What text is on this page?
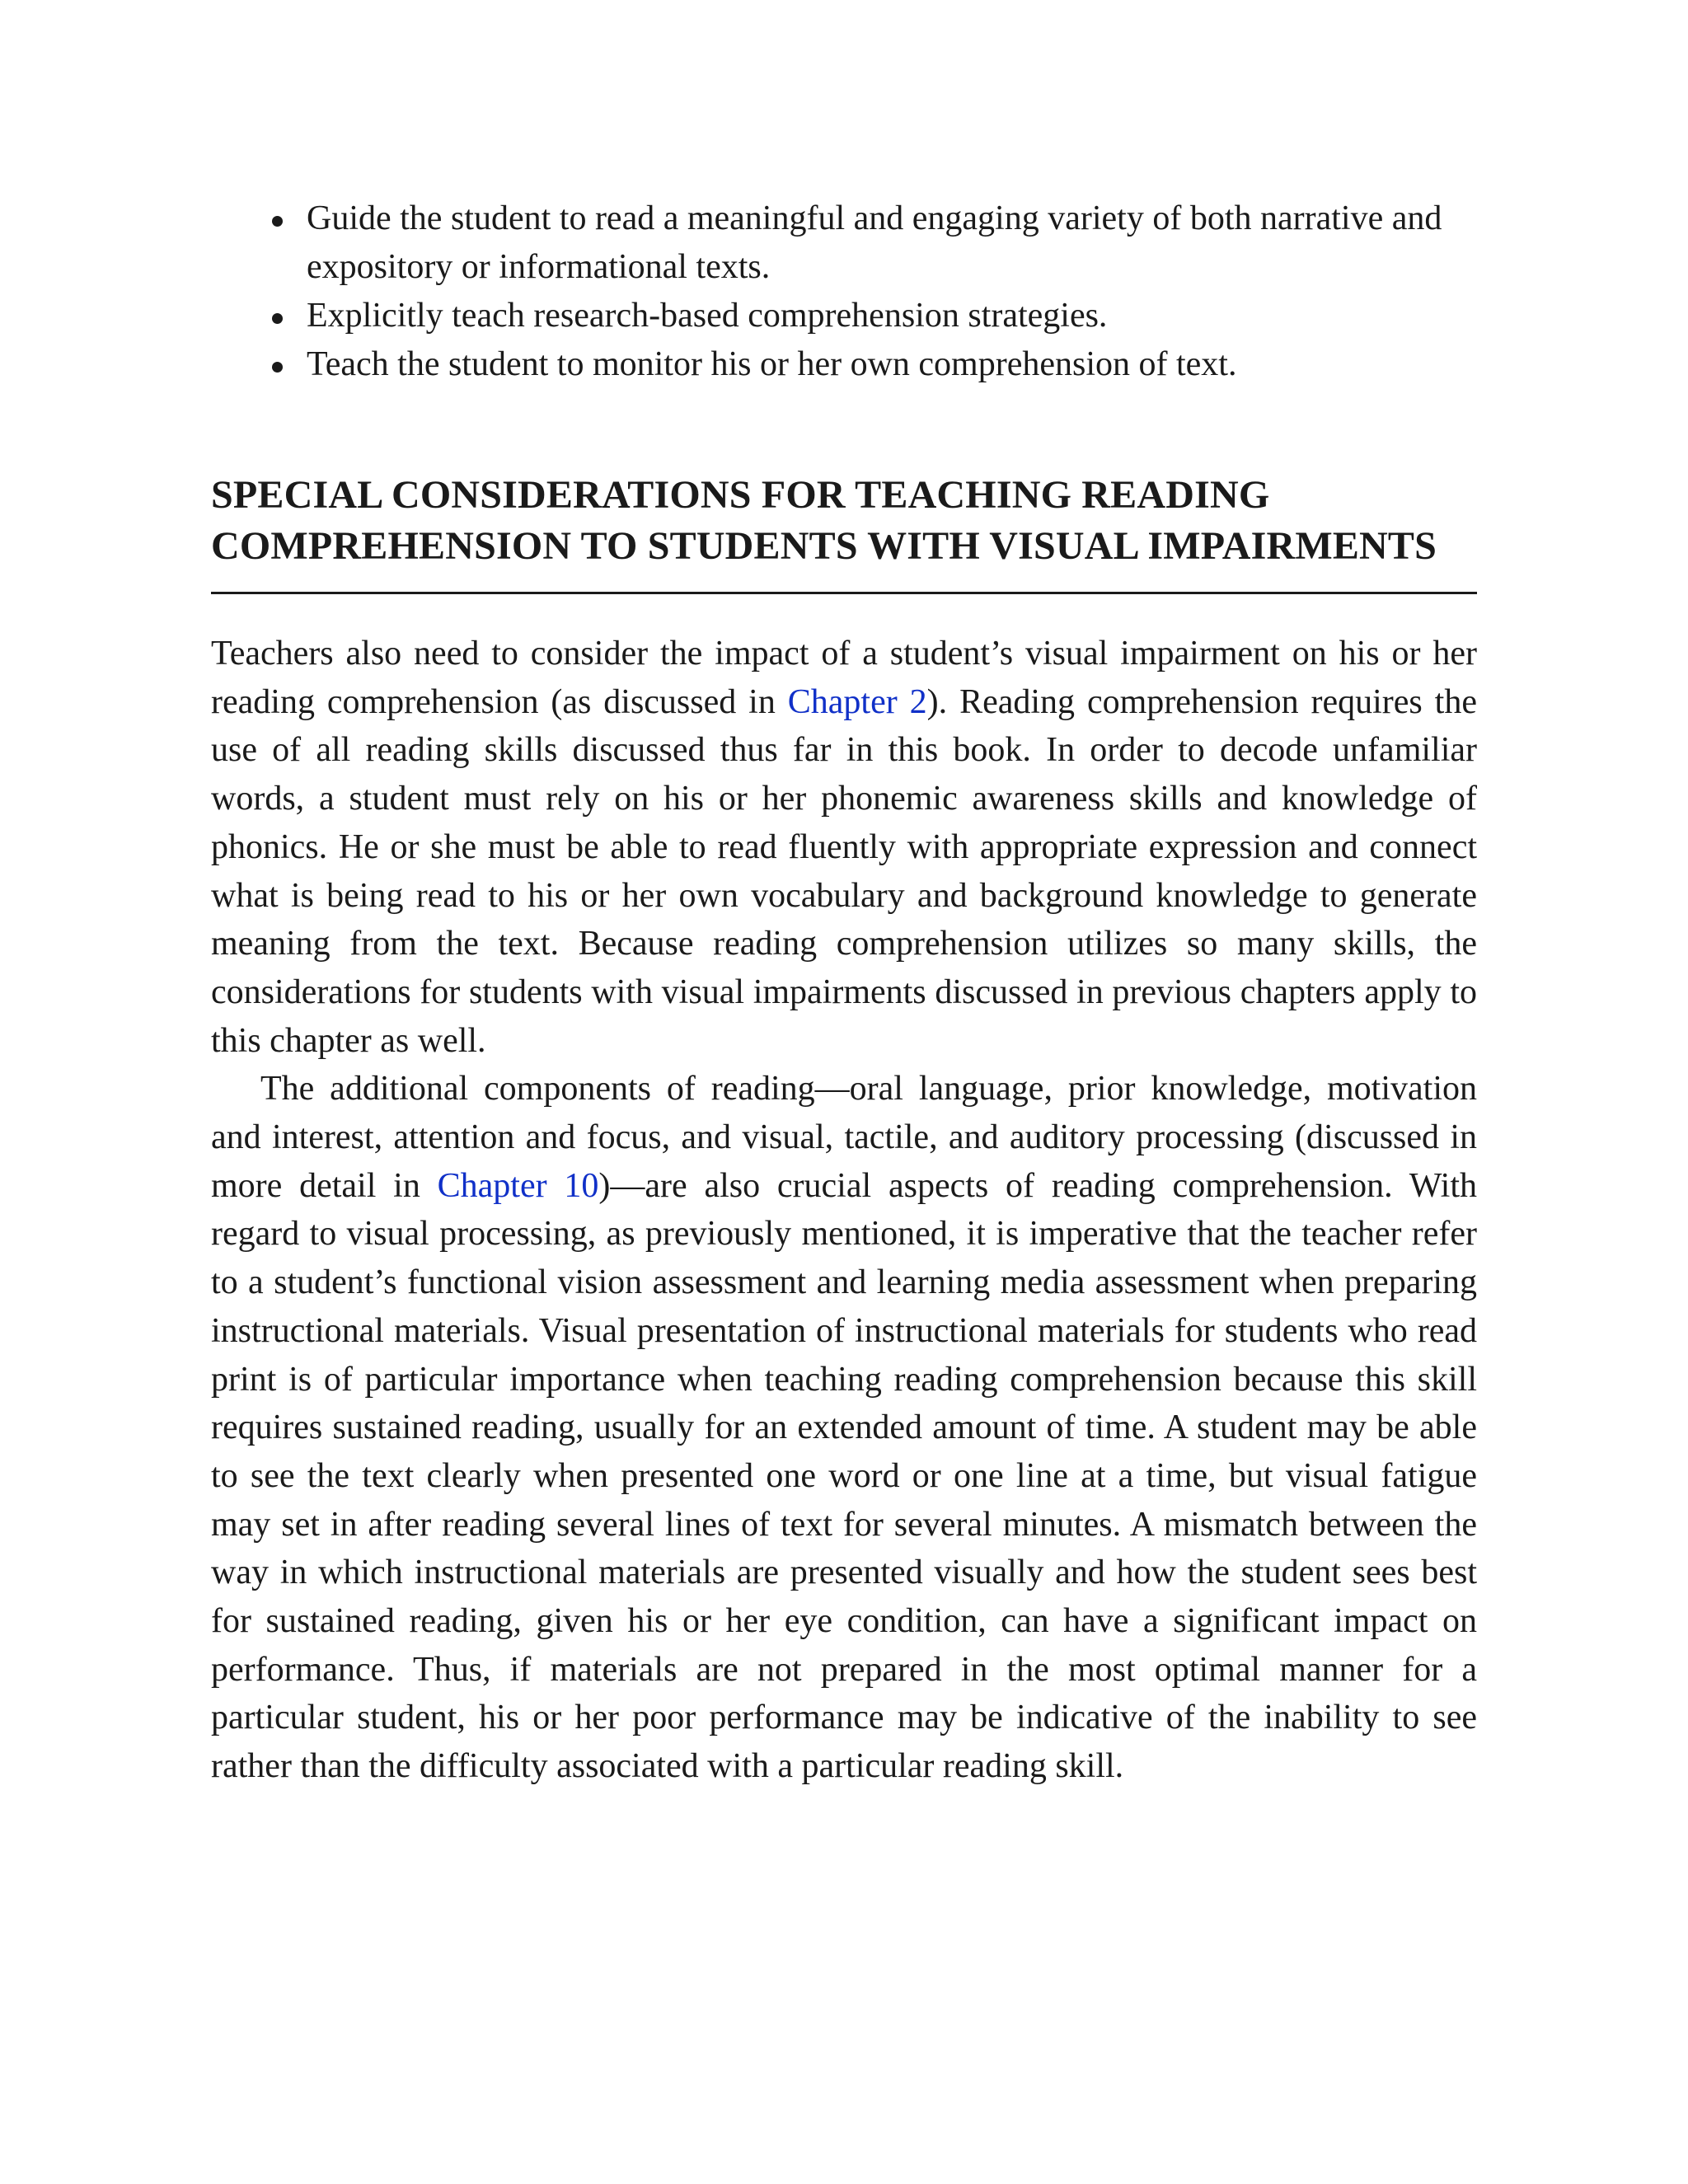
Guide the student to read a meaningful and engaging variety of both narrative and expository or informational texts.
Explicitly teach research-based comprehension strategies.
Teach the student to monitor his or her own comprehension of text.
SPECIAL CONSIDERATIONS FOR TEACHING READING COMPREHENSION TO STUDENTS WITH VISUAL IMPAIRMENTS

Teachers also need to consider the impact of a student’s visual impairment on his or her reading comprehension (as discussed in Chapter 2). Reading comprehension requires the use of all reading skills discussed thus far in this book. In order to decode unfamiliar words, a student must rely on his or her phonemic awareness skills and knowledge of phonics. He or she must be able to read fluently with appropriate expression and connect what is being read to his or her own vocabulary and background knowledge to generate meaning from the text. Because reading comprehension utilizes so many skills, the considerations for students with visual impairments discussed in previous chapters apply to this chapter as well.

The additional components of reading—oral language, prior knowledge, motivation and interest, attention and focus, and visual, tactile, and auditory processing (discussed in more detail in Chapter 10)—are also crucial aspects of reading comprehension. With regard to visual processing, as previously mentioned, it is imperative that the teacher refer to a student’s functional vision assessment and learning media assessment when preparing instructional materials. Visual presentation of instructional materials for students who read print is of particular importance when teaching reading comprehension because this skill requires sustained reading, usually for an extended amount of time. A student may be able to see the text clearly when presented one word or one line at a time, but visual fatigue may set in after reading several lines of text for several minutes. A mismatch between the way in which instructional materials are presented visually and how the student sees best for sustained reading, given his or her eye condition, can have a significant impact on performance. Thus, if materials are not prepared in the most optimal manner for a particular student, his or her poor performance may be indicative of the inability to see rather than the difficulty associated with a particular reading skill.
